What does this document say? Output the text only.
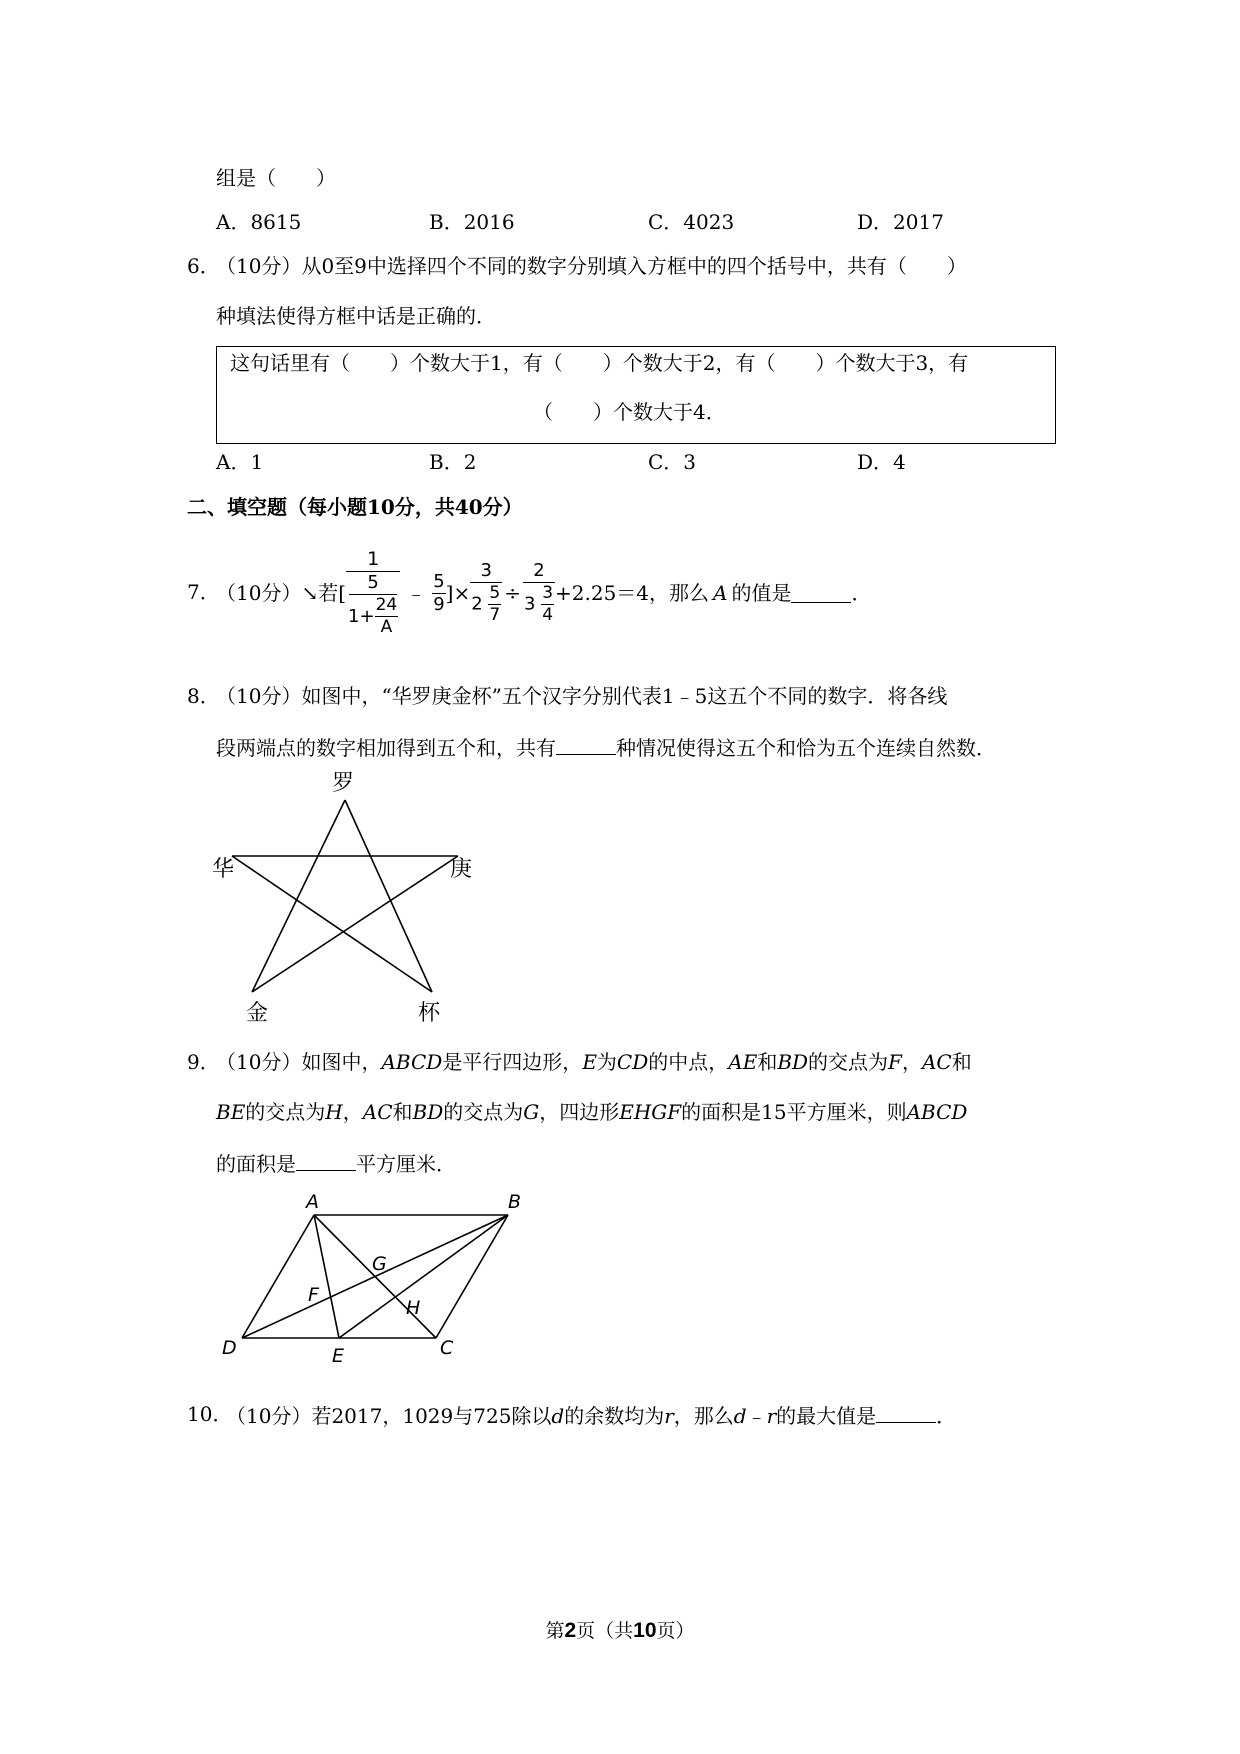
组是（　　）
A．8615	B．2016	C．4023	D．2017
6．
（10分）从0至9中选择四个不同的数字分别填入方框中的四个括号中，共有（　　）
种填法使得方框中话是正确的．
这句话里有（　　）个数大于1，有（　　）个数大于2，有（　　）个数大于3，有
（　　）个数大于4．
A．1	B．2	C．3	D．4
二、填空题（每小题10分，共40分）
7．
（10分）↘若[
1
$\frac{5}{1+ \frac{24}{A}}$ ﹣ $\frac{5}{9}$ ]× $\frac{3}{2 \frac{5}{7}} \div \frac{2}{3 \frac{3}{4}} +2.25=4$，那么 A 的值是	．
8．
（10分）如图中，“华罗庚金杯”五个汉字分别代表1﹣5这五个不同的数字．将各线
段两端点的数字相加得到五个和，共有	种情况使得这五个和恰为五个连续自然数．
罗
华	庚
金	杯
9．
（10分）如图中，ABCD是平行四边形，E为CD的中点，AE和BD的交点为F，AC和
BE的交点为H，AC和BD的交点为G，四边形EHGF的面积是15平方厘米，则ABCD
的面积是	平方厘米．
A	B
C
D	E
F
G
H
10．
（10分）若2017，1029与725除以d的余数均为r，那么d﹣r的最大值是	．
第2页（共10页）
